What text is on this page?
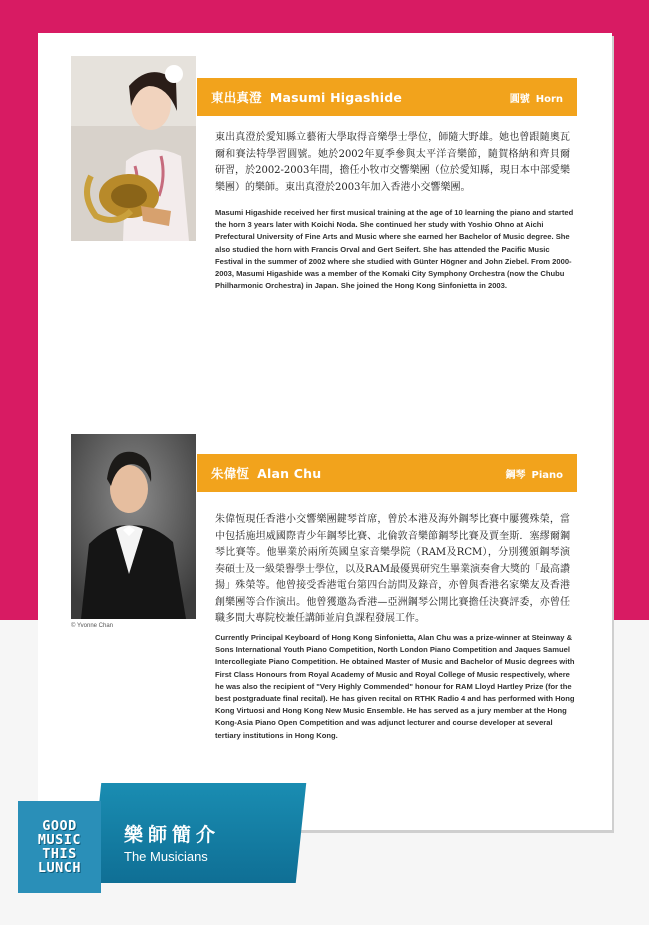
東出真澄 Masumi Higashide	圓號 Horn
東出真澄於愛知縣立藝術大學取得音樂學士學位，師隨大野雄。她也曾跟隨奧瓦爾和賽法特學習圓號。她於2002年夏季參與太平洋音樂節，隨賀格納和齊貝爾研習，於2002-2003年間，擔任小牧市交響樂團（位於愛知縣，現日本中部愛樂樂團）的樂師。東出真澄於2003年加入香港小交響樂團。
Masumi Higashide received her first musical training at the age of 10 learning the piano and started the horn 3 years later with Koichi Noda. She continued her study with Yoshio Ohno at Aichi Prefectural University of Fine Arts and Music where she earned her Bachelor of Music degree. She also studied the horn with Francis Orval and Gert Seifert. She has attended the Pacific Music Festival in the summer of 2002 where she studied with Günter Högner and John Ziebel. From 2000-2003, Masumi Higashide was a member of the Komaki City Symphony Orchestra (now the Chubu Philharmonic Orchestra) in Japan. She joined the Hong Kong Sinfonietta in 2003.
© Yvonne Chan
朱偉恆 Alan Chu	鋼琴 Piano
朱偉恆現任香港小交響樂團鍵琴首席，曾於本港及海外鋼琴比賽中屢獲殊榮，當中包括施坦威國際青少年鋼琴比賽、北倫敦音樂節鋼琴比賽及賈奎斯．塞繆爾鋼琴比賽等。他畢業於兩所英國皇家音樂學院（RAM及RCM），分別獲頒鋼琴演奏碩士及一級榮譽學士學位，以及RAM最優異研究生畢業演奏會大獎的「最高讚揚」殊榮等。他曾接受香港電台第四台訪問及錄音，亦曾與香港名家樂友及香港創樂團等合作演出。他曾獲邀為香港—亞洲鋼琴公開比賽擔任決賽評委，亦曾任職多間大專院校兼任講師並肩負課程發展工作。
Currently Principal Keyboard of Hong Kong Sinfonietta, Alan Chu was a prize-winner at Steinway & Sons International Youth Piano Competition, North London Piano Competition and Jaques Samuel Intercollegiate Piano Competition. He obtained Master of Music and Bachelor of Music degrees with First Class Honours from Royal Academy of Music and Royal College of Music respectively, where he was also the recipient of "Very Highly Commended" honour for RAM Lloyd Hartley Prize (for the best postgraduate final recital). He has given recital on RTHK Radio 4 and has performed with Hong Kong Virtuosi and Hong Kong New Music Ensemble. He has served as a jury member at the Hong Kong-Asia Piano Open Competition and was adjunct lecturer and course developer at several tertiary institutions in Hong Kong.
樂師簡介
The Musicians
GOOD
MUSIC
THIS
LUNCH
